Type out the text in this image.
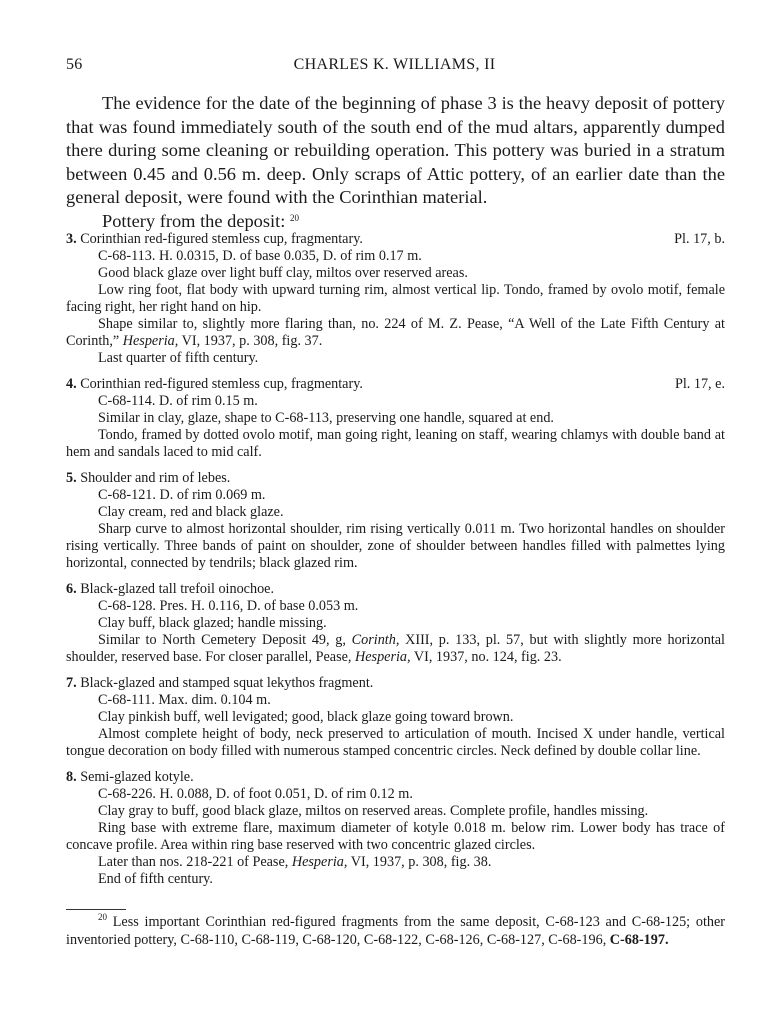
56	CHARLES K. WILLIAMS, II

The evidence for the date of the beginning of phase 3 is the heavy deposit of pottery that was found immediately south of the south end of the mud altars, apparently dumped there during some cleaning or rebuilding operation. This pottery was buried in a stratum between 0.45 and 0.56 m. deep. Only scraps of Attic pottery, of an earlier date than the general deposit, were found with the Corinthian material.

Pottery from the deposit: $^{20}$

3. Corinthian red-figured stemless cup, fragmentary.	Pl. 17, b.
C-68-113. H. 0.0315, D. of base 0.035, D. of rim 0.17 m.
Good black glaze over light buff clay, miltos over reserved areas.
Low ring foot, flat body with upward turning rim, almost vertical lip. Tondo, framed by ovolo motif, female facing right, her right hand on hip.
Shape similar to, slightly more flaring than, no. 224 of M. Z. Pease, “A Well of the Late Fifth Century at Corinth,” Hesperia, VI, 1937, p. 308, fig. 37.
Last quarter of fifth century.
4. Corinthian red-figured stemless cup, fragmentary.	Pl. 17, e.
C-68-114. D. of rim 0.15 m.
Similar in clay, glaze, shape to C-68-113, preserving one handle, squared at end.
Tondo, framed by dotted ovolo motif, man going right, leaning on staff, wearing chlamys with double band at hem and sandals laced to mid calf.
5. Shoulder and rim of lebes.
C-68-121. D. of rim 0.069 m.
Clay cream, red and black glaze.
Sharp curve to almost horizontal shoulder, rim rising vertically 0.011 m. Two horizontal handles on shoulder rising vertically. Three bands of paint on shoulder, zone of shoulder between handles filled with palmettes lying horizontal, connected by tendrils; black glazed rim.
6. Black-glazed tall trefoil oinochoe.
C-68-128. Pres. H. 0.116, D. of base 0.053 m.
Clay buff, black glazed; handle missing.
Similar to North Cemetery Deposit 49, g, Corinth, XIII, p. 133, pl. 57, but with slightly more horizontal shoulder, reserved base. For closer parallel, Pease, Hesperia, VI, 1937, no. 124, fig. 23.
7. Black-glazed and stamped squat lekythos fragment.
C-68-111. Max. dim. 0.104 m.
Clay pinkish buff, well levigated; good, black glaze going toward brown.
Almost complete height of body, neck preserved to articulation of mouth. Incised X under handle, vertical tongue decoration on body filled with numerous stamped concentric circles. Neck defined by double collar line.
8. Semi-glazed kotyle.
C-68-226. H. 0.088, D. of foot 0.051, D. of rim 0.12 m.
Clay gray to buff, good black glaze, miltos on reserved areas. Complete profile, handles missing.
Ring base with extreme flare, maximum diameter of kotyle 0.018 m. below rim. Lower body has trace of concave profile. Area within ring base reserved with two concentric glazed circles.
Later than nos. 218-221 of Pease, Hesperia, VI, 1937, p. 308, fig. 38.
End of fifth century.

$^{20}$ Less important Corinthian red-figured fragments from the same deposit, C-68-123 and C-68-125; other inventoried pottery, C-68-110, C-68-119, C-68-120, C-68-122, C-68-126, C-68-127, C-68-196, C-68-197.
